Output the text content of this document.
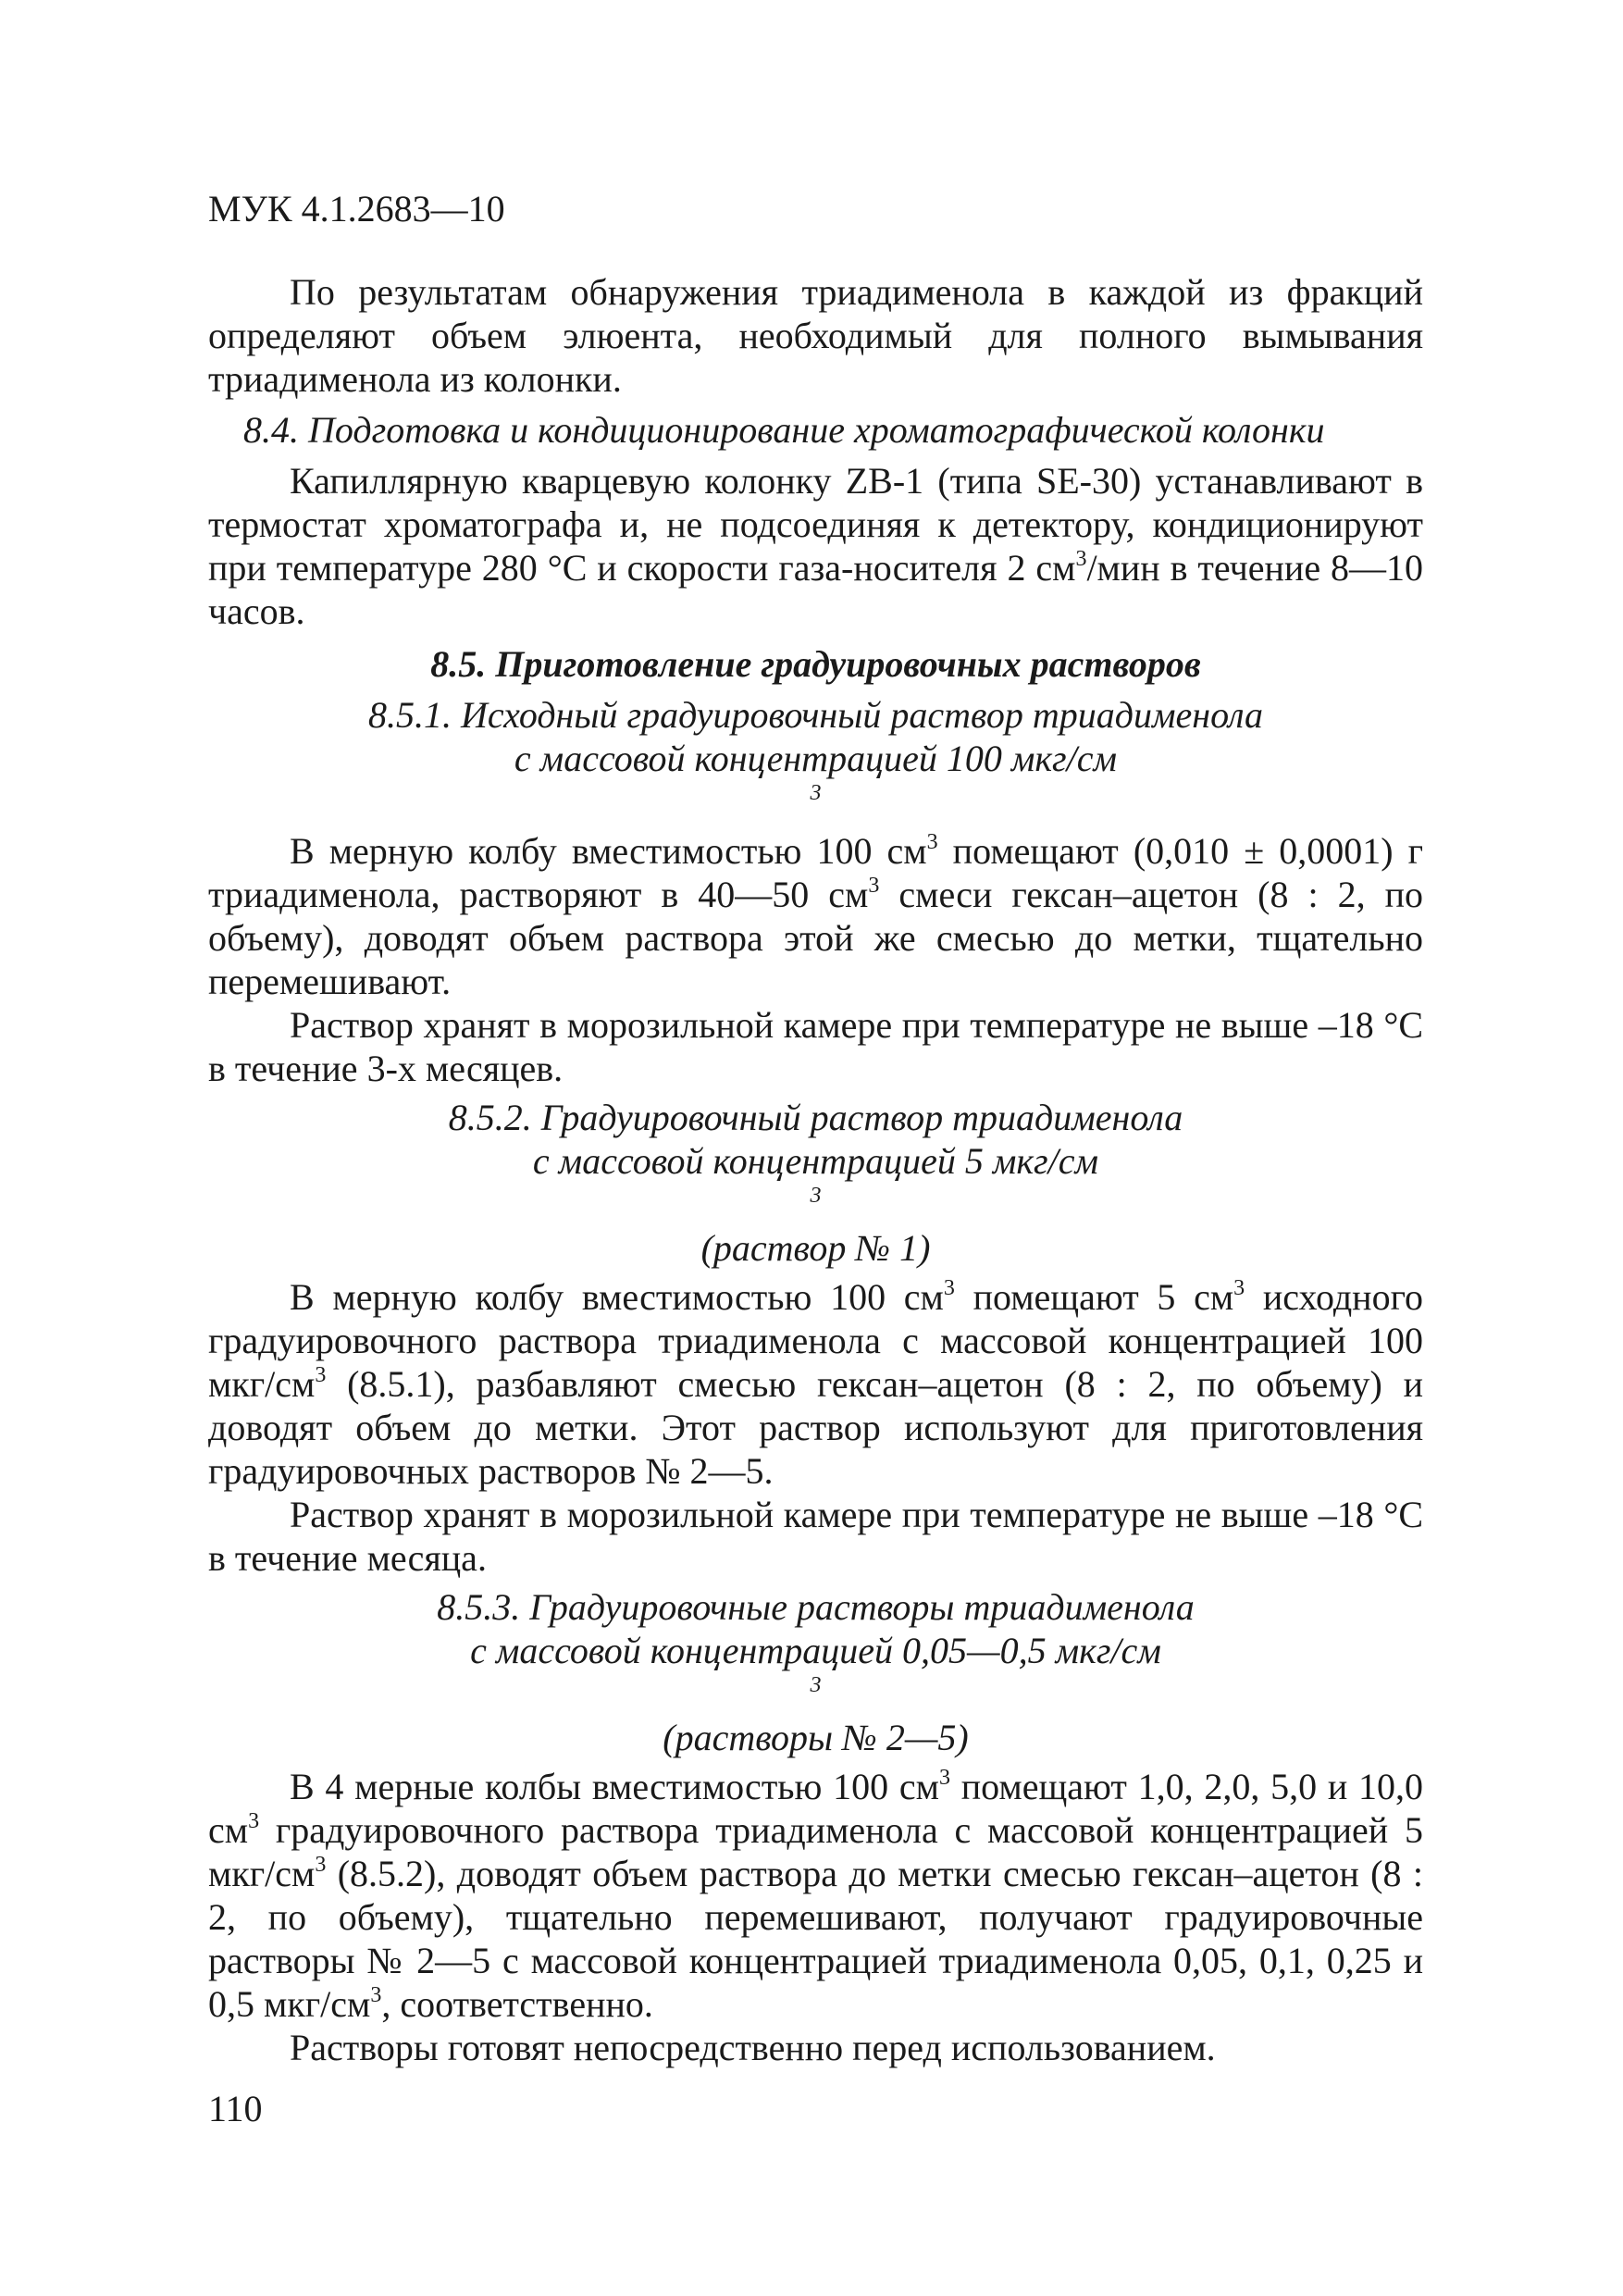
МУК 4.1.2683—10

По результатам обнаружения триадименола в каждой из фракций определяют объем элюента, необходимый для полного вымывания триадименола из колонки.

8.4. Подготовка и кондиционирование хроматографической колонки

Капиллярную кварцевую колонку ZB-1 (типа SE-30) устанавливают в термостат хроматографа и, не подсоединяя к детектору, кондиционируют при температуре 280 °С и скорости газа-носителя 2 $см^3$/мин в течение 8—10 часов.

8.5. Приготовление градуировочных растворов

8.5.1. Исходный градуировочный раствор триадименола
с массовой концентрацией 100 мкг/см
$^3$

В мерную колбу вместимостью 100 $см^3$ помещают (0,010 ± 0,0001) г триадименола, растворяют в 40—50 $см^3$ смеси гексан–ацетон (8 : 2, по объему), доводят объем раствора этой же смесью до метки, тщательно перемешивают.

Раствор хранят в морозильной камере при температуре не выше –18 °С в течение 3-х месяцев.

8.5.2. Градуировочный раствор триадименола
с массовой концентрацией 5 мкг/см
$^3$
(раствор № 1)

В мерную колбу вместимостью 100 $см^3$ помещают 5 $см^3$ исходного градуировочного раствора триадименола с массовой концентрацией 100 мкг/$см^3$ (8.5.1), разбавляют смесью гексан–ацетон (8 : 2, по объему) и доводят объем до метки. Этот раствор используют для приготовления градуировочных растворов № 2—5.

Раствор хранят в морозильной камере при температуре не выше –18 °С в течение месяца.

8.5.3. Градуировочные растворы триадименола
с массовой концентрацией 0,05—0,5 мкг/см
$^3$
(растворы № 2—5)

В 4 мерные колбы вместимостью 100 $см^3$ помещают 1,0, 2,0, 5,0 и 10,0 $см^3$ градуировочного раствора триадименола с массовой концентрацией 5 мкг/$см^3$ (8.5.2), доводят объем раствора до метки смесью гексан–ацетон (8 : 2, по объему), тщательно перемешивают, получают градуировочные растворы № 2—5 с массовой концентрацией триадименола 0,05, 0,1, 0,25 и 0,5 мкг/$см^3$, соответственно.

Растворы готовят непосредственно перед использованием.

110
